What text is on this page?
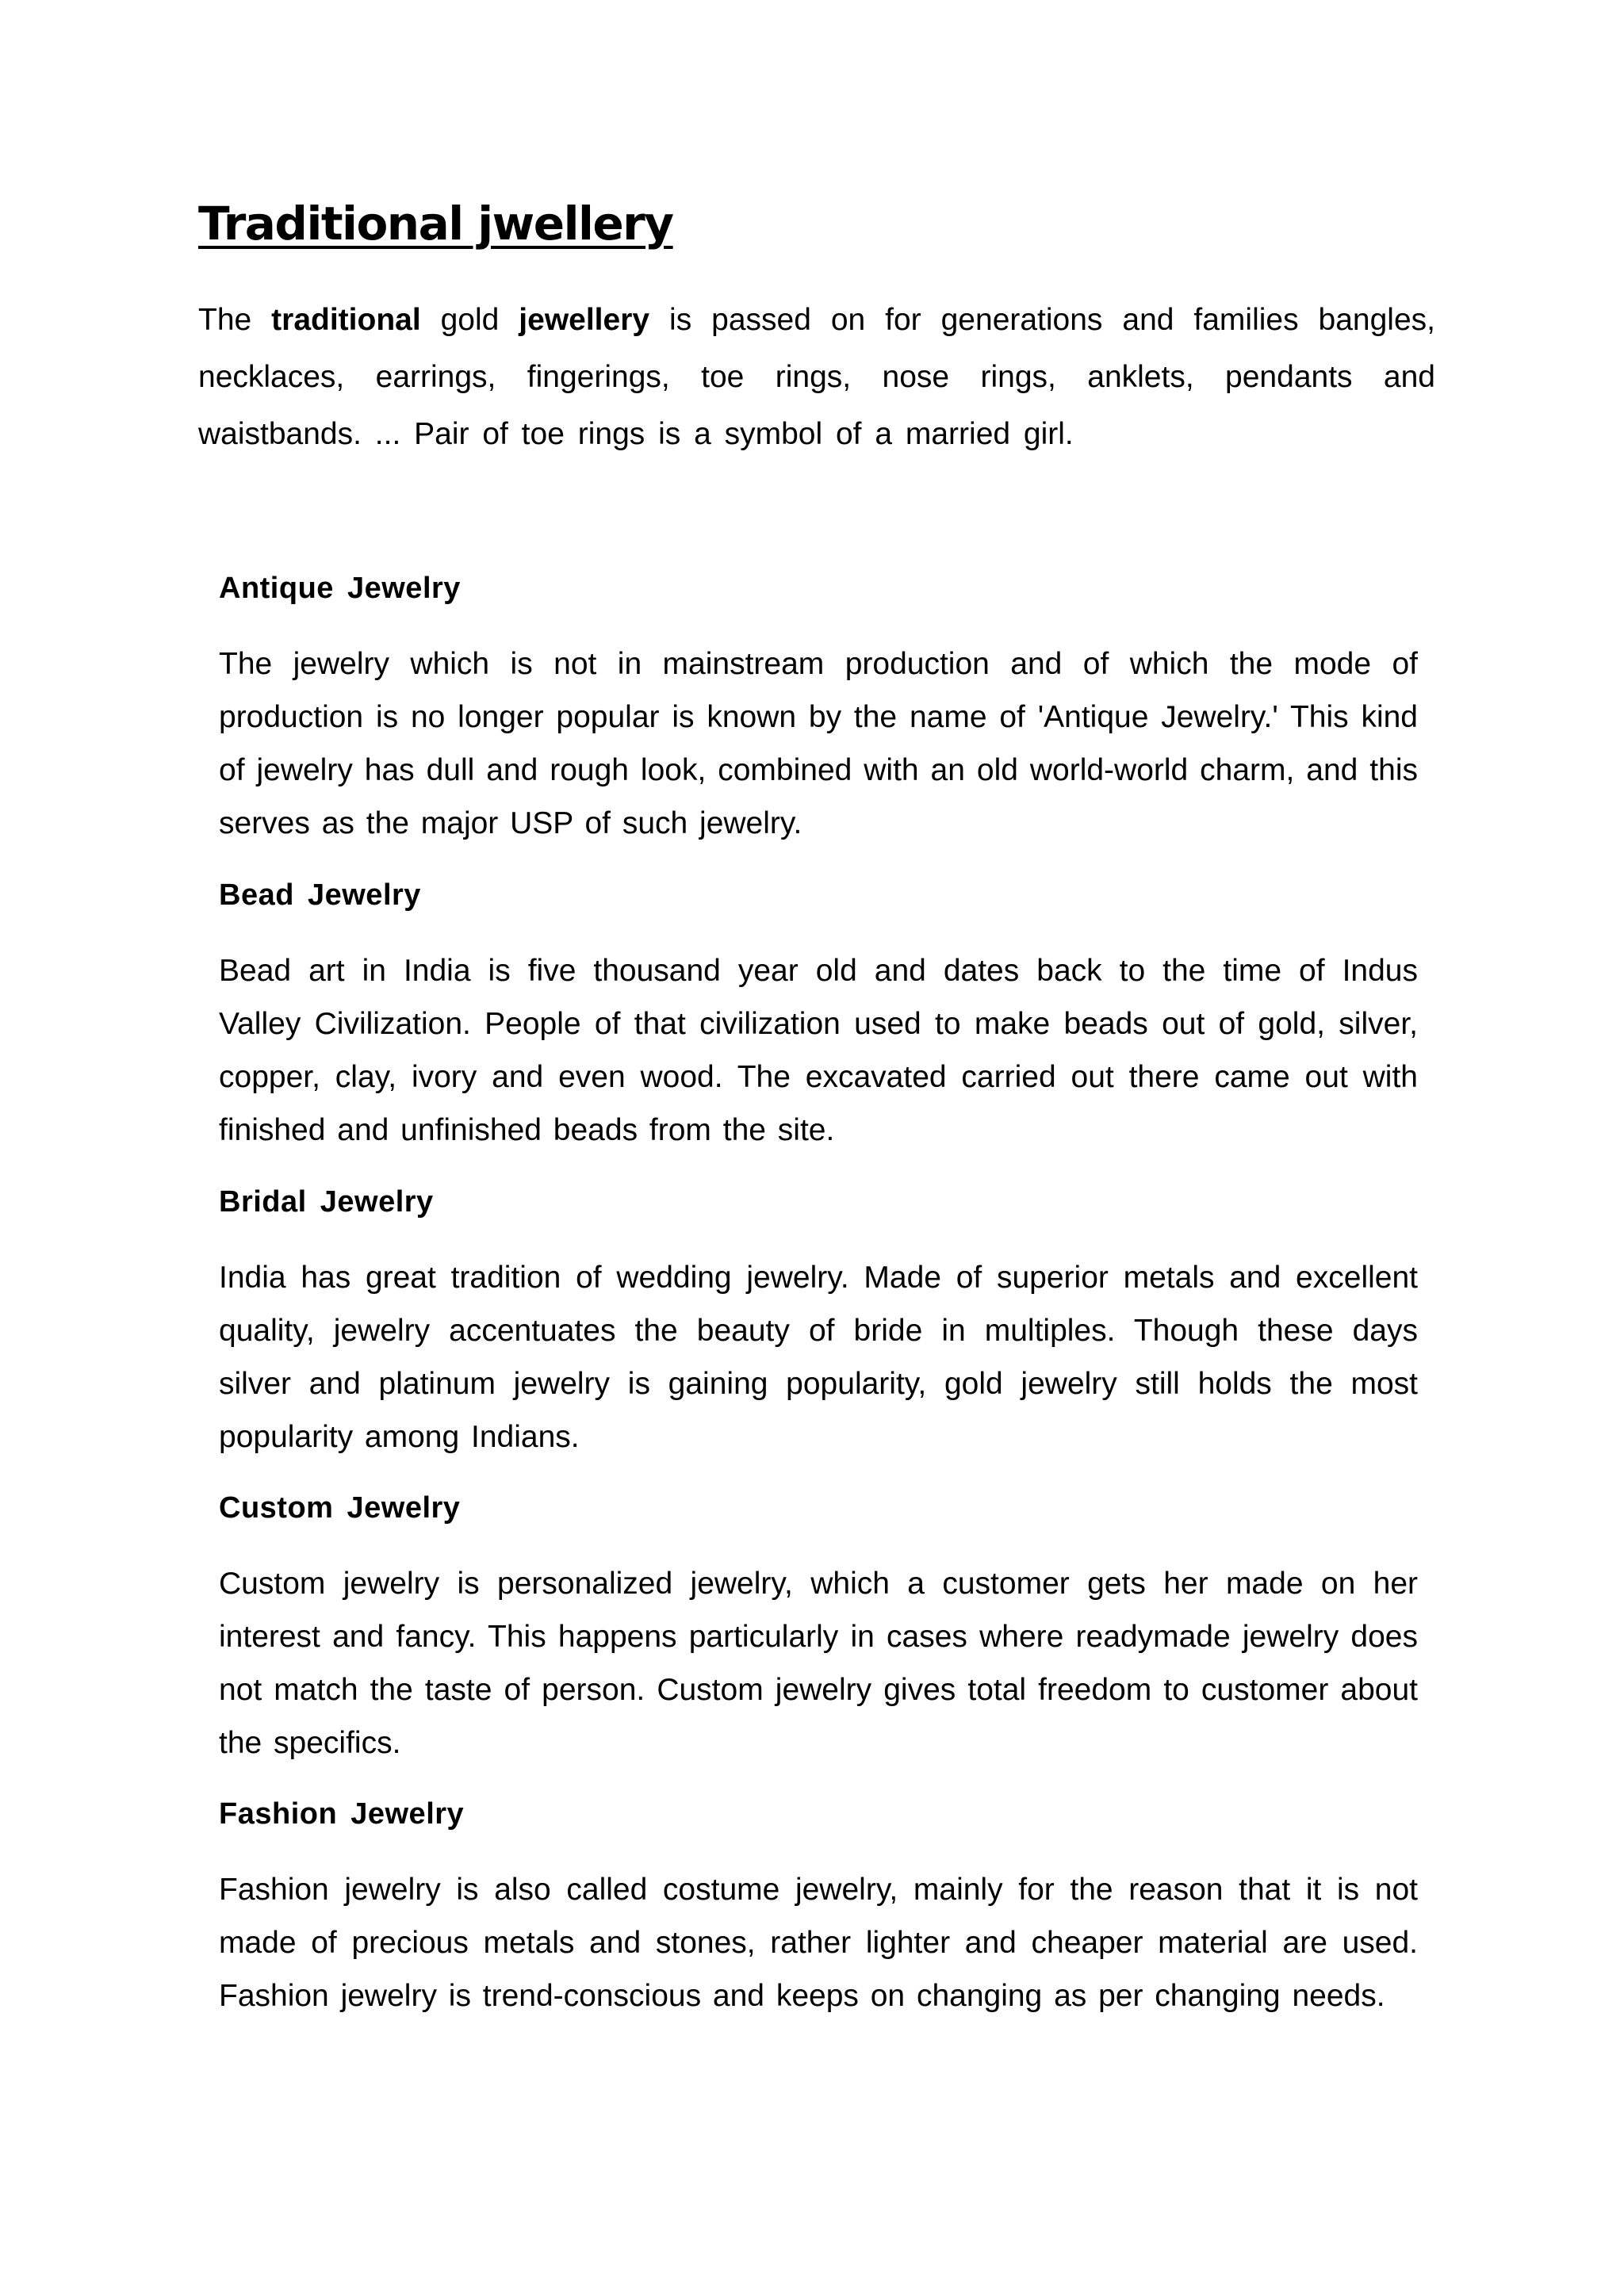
Traditional jwellery

The traditional gold jewellery is passed on for generations and families bangles, necklaces, earrings, fingerings, toe rings, nose rings, anklets, pendants and waistbands. ... Pair of toe rings is a symbol of a married girl.

Antique Jewelry

The jewelry which is not in mainstream production and of which the mode of production is no longer popular is known by the name of 'Antique Jewelry.' This kind of jewelry has dull and rough look, combined with an old world-world charm, and this serves as the major USP of such jewelry.

Bead Jewelry

Bead art in India is five thousand year old and dates back to the time of Indus Valley Civilization. People of that civilization used to make beads out of gold, silver, copper, clay, ivory and even wood. The excavated carried out there came out with finished and unfinished beads from the site.

Bridal Jewelry

India has great tradition of wedding jewelry. Made of superior metals and excellent quality, jewelry accentuates the beauty of bride in multiples. Though these days silver and platinum jewelry is gaining popularity, gold jewelry still holds the most popularity among Indians.

Custom Jewelry

Custom jewelry is personalized jewelry, which a customer gets her made on her interest and fancy. This happens particularly in cases where readymade jewelry does not match the taste of person. Custom jewelry gives total freedom to customer about the specifics.

Fashion Jewelry

Fashion jewelry is also called costume jewelry, mainly for the reason that it is not made of precious metals and stones, rather lighter and cheaper material are used. Fashion jewelry is trend-conscious and keeps on changing as per changing needs.
